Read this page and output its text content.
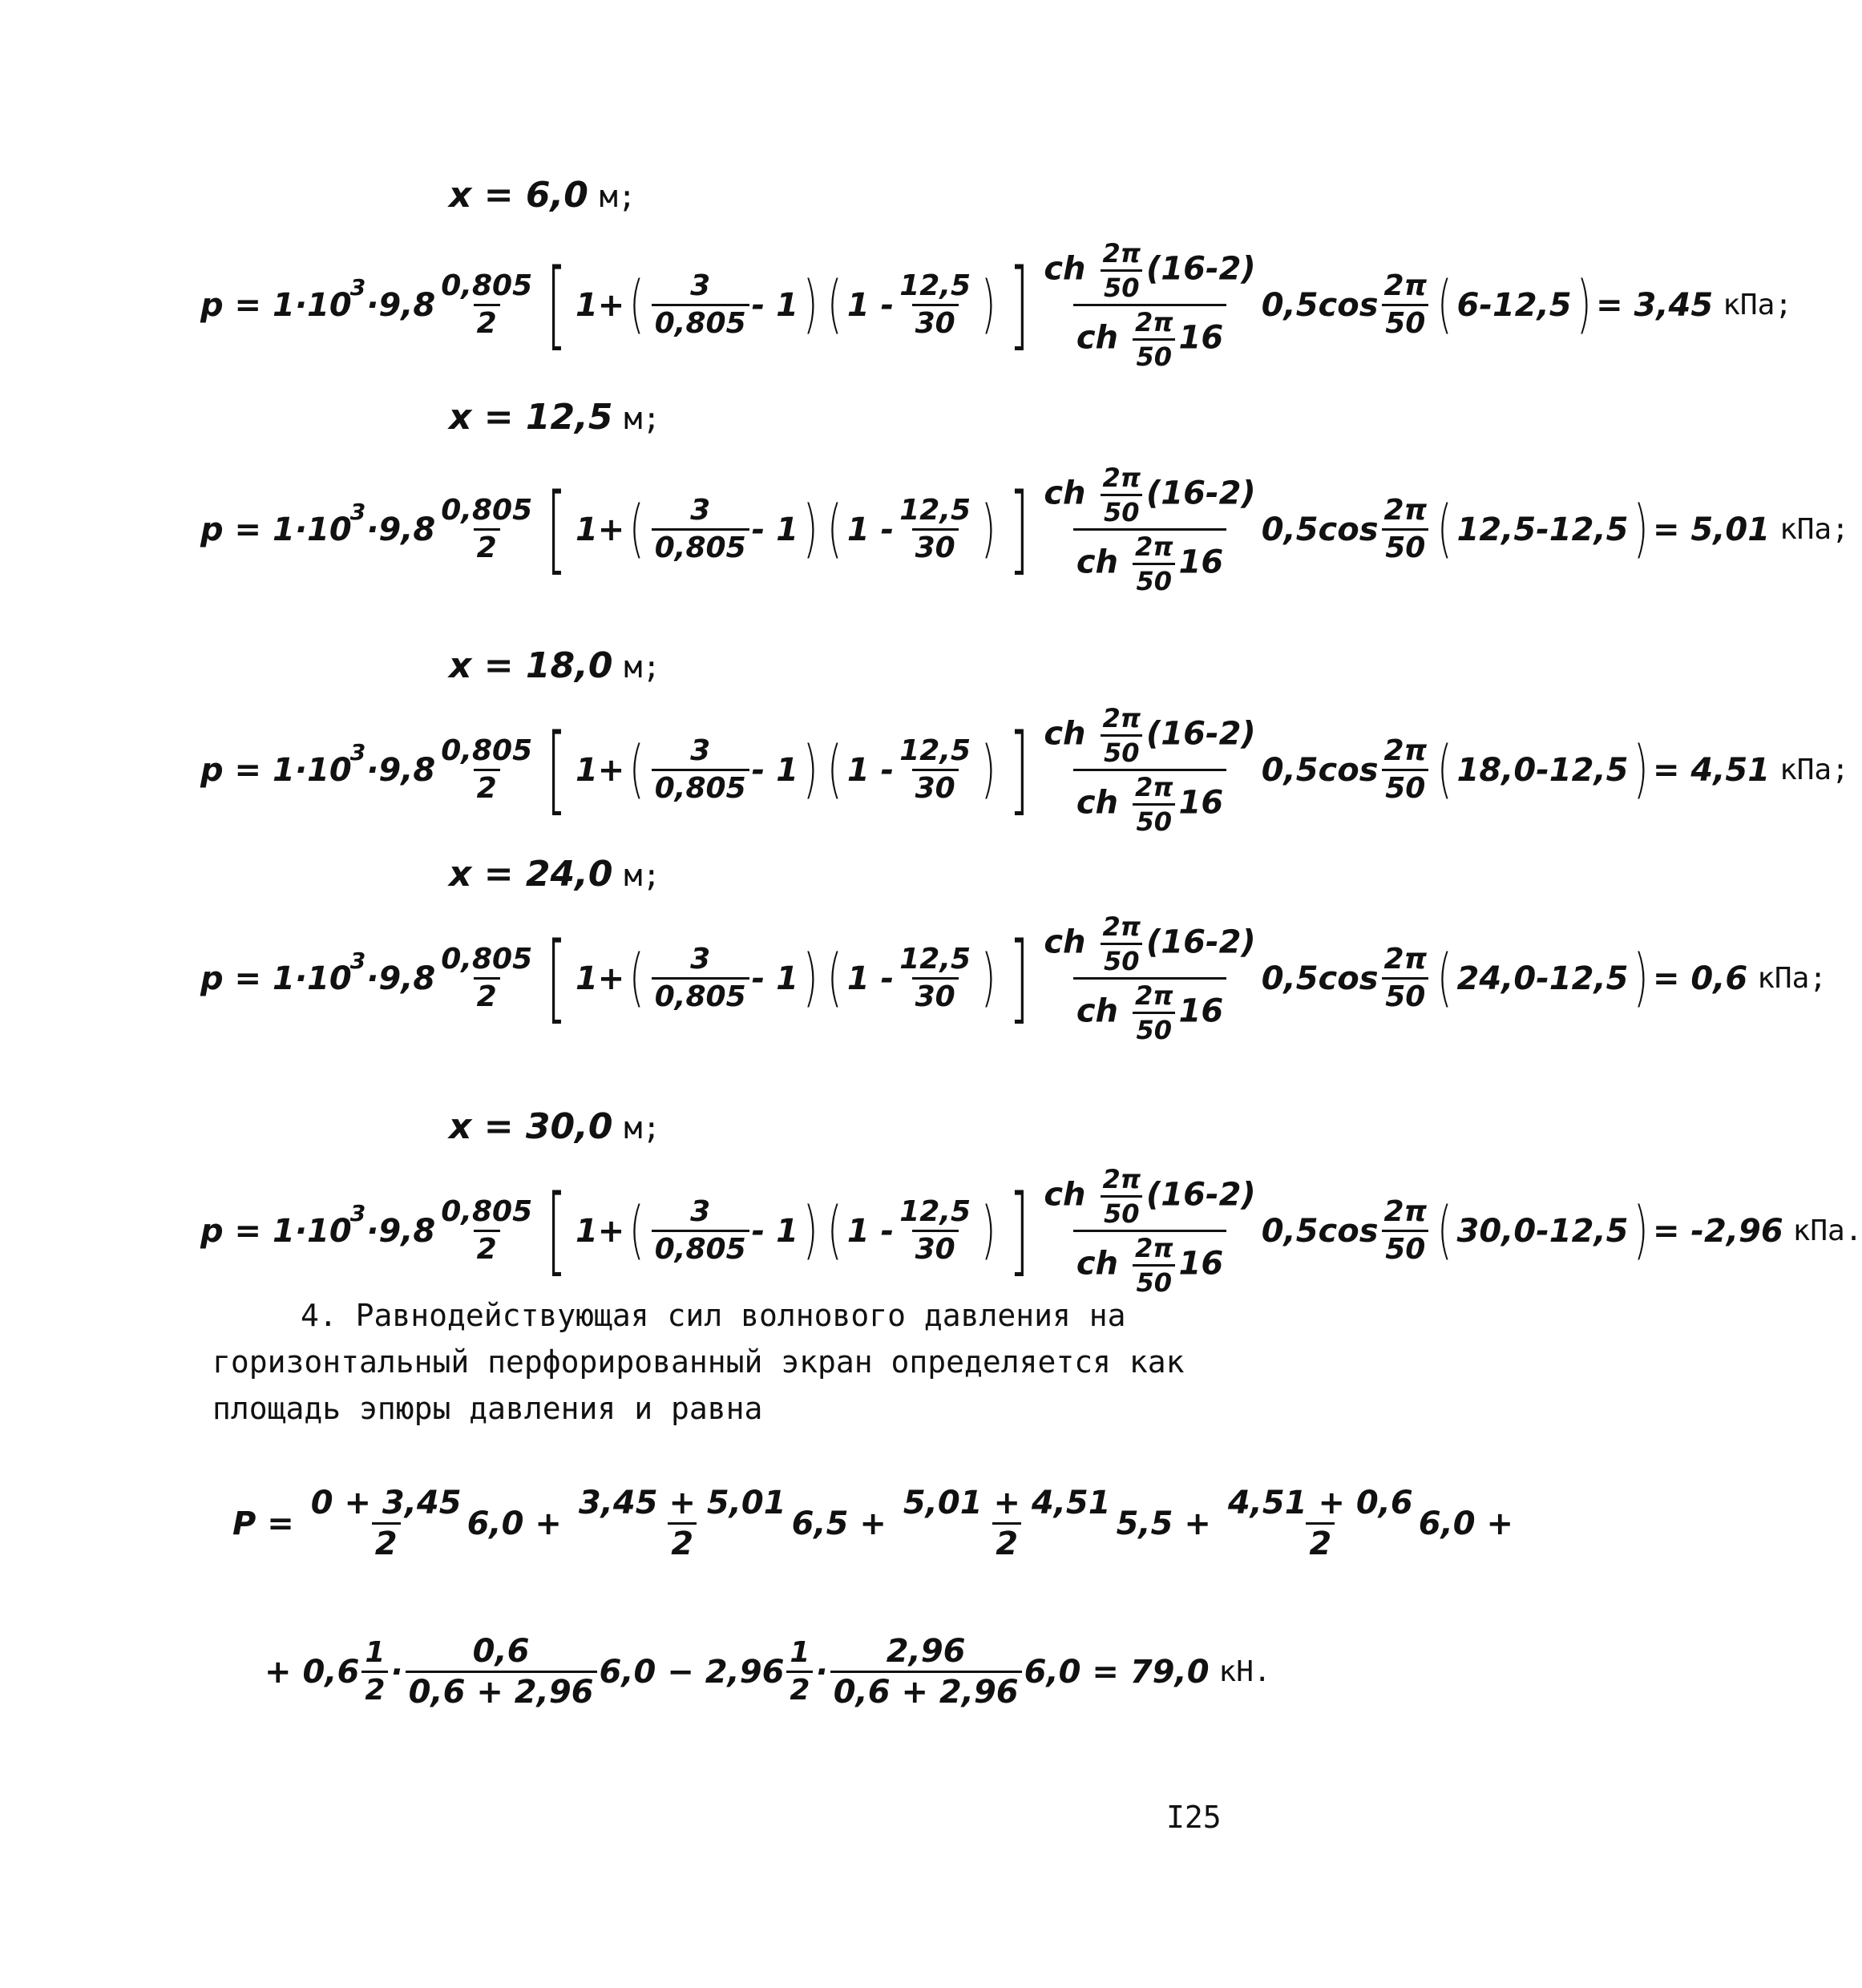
x = 6,0 м;
x = 12,5 м;
x = 18,0 м;
x = 24,0 м;
x = 30,0 м;
p = 1·10
$3 \cdot 9,8 \frac{0,805}{2}$ [ 1 + ( $\frac{3}{0,805} - 1$ ) ( $1 - \frac{12,5}{30}$ ) ] $\frac{ch \frac{2\pi}{50} (16-2)}{ch \frac{2\pi}{50} 16} 0,5\cos \frac{2\pi}{50}$ ( 6-12,5 ) = 3,45 кПа;
p = 1·10
$3 \cdot 9,8 \frac{0,805}{2}$ [ 1 + ( $\frac{3}{0,805} - 1$ ) ( $1 - \frac{12,5}{30}$ ) ] $\frac{ch \frac{2\pi}{50} (16-2)}{ch \frac{2\pi}{50} 16} 0,5\cos \frac{2\pi}{50}$ ( 12,5-12,5 ) = 5,01 кПа;
p = 1·10
$3 \cdot 9,8 \frac{0,805}{2}$ [ 1 + ( $\frac{3}{0,805} - 1$ ) ( $1 - \frac{12,5}{30}$ ) ] $\frac{ch \frac{2\pi}{50} (16-2)}{ch \frac{2\pi}{50} 16} 0,5\cos \frac{2\pi}{50}$ ( 18,0-12,5 ) = 4,51 кПа;
p = 1·10
$3 \cdot 9,8 \frac{0,805}{2}$ [ 1 + ( $\frac{3}{0,805} - 1$ ) ( $1 - \frac{12,5}{30}$ ) ] $\frac{ch \frac{2\pi}{50} (16-2)}{ch \frac{2\pi}{50} 16} 0,5\cos \frac{2\pi}{50}$ ( 24,0-12,5 ) = 0,6 кПа;
p = 1·10
$3 \cdot 9,8 \frac{0,805}{2}$ [ 1 + ( $\frac{3}{0,805} - 1$ ) ( $1 - \frac{12,5}{30}$ ) ] $\frac{ch \frac{2\pi}{50} (16-2)}{ch \frac{2\pi}{50} 16} 0,5\cos \frac{2\pi}{50}$ ( 30,0-12,5 ) = -2,96 кПа.
4. Равнодействующая сил волнового давления на горизонтальный перфорированный экран определяется как площадь эпюры давления и равна
P =
$\frac{0 + 3,45}{2} 6,0$ +
$\frac{3,45 + 5,01}{2} 6,5$ +
$\frac{5,01 + 4,51}{2} 5,5$ +
$\frac{4,51 + 0,6}{2} 6,0$ +
+ $0,6 \frac{1}{2} \cdot \frac{0,6}{0,6 + 2,96} 6,0 - 2,96 \frac{1}{2} \cdot \frac{2,96}{0,6 + 2,96} 6,0 = 79,0$ кН.
I25
